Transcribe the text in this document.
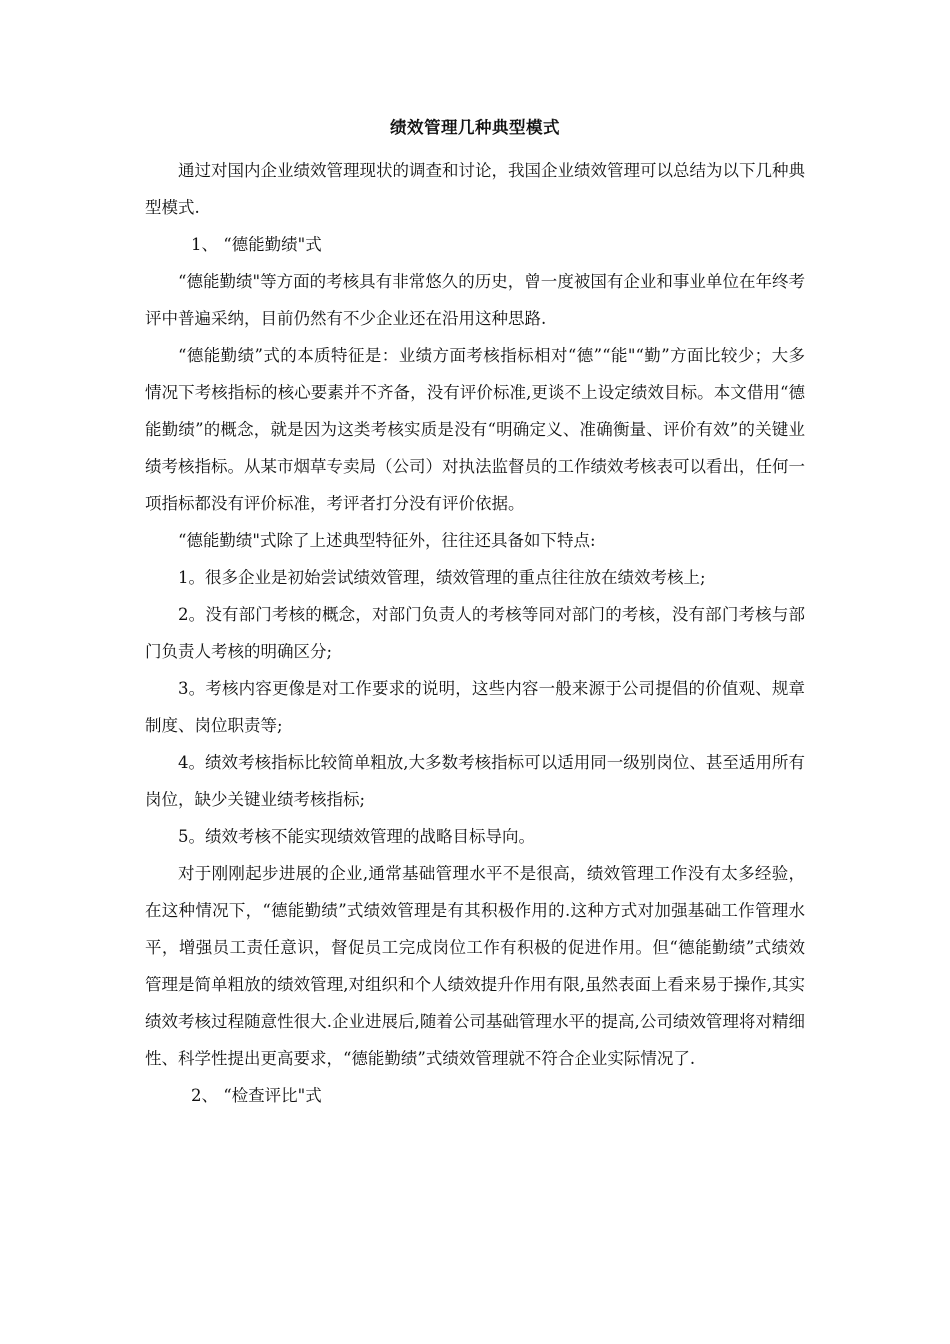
绩效管理几种典型模式

通过对国内企业绩效管理现状的调查和讨论，我国企业绩效管理可以总结为以下几种典型模式.

1、 “德能勤绩"式

“德能勤绩"等方面的考核具有非常悠久的历史，曾一度被国有企业和事业单位在年终考评中普遍采纳，目前仍然有不少企业还在沿用这种思路.

“德能勤绩”式的本质特征是：业绩方面考核指标相对“德”“能"“勤”方面比较少；大多情况下考核指标的核心要素并不齐备，没有评价标准,更谈不上设定绩效目标。本文借用“德能勤绩”的概念，就是因为这类考核实质是没有“明确定义、准确衡量、评价有效”的关键业绩考核指标。从某市烟草专卖局（公司）对执法监督员的工作绩效考核表可以看出，任何一项指标都没有评价标准，考评者打分没有评价依据。

“德能勤绩"式除了上述典型特征外，往往还具备如下特点:

1。很多企业是初始尝试绩效管理，绩效管理的重点往往放在绩效考核上;

2。没有部门考核的概念，对部门负责人的考核等同对部门的考核，没有部门考核与部门负责人考核的明确区分;

3。考核内容更像是对工作要求的说明，这些内容一般来源于公司提倡的价值观、规章制度、岗位职责等;

4。绩效考核指标比较简单粗放,大多数考核指标可以适用同一级别岗位、甚至适用所有岗位，缺少关键业绩考核指标;

5。绩效考核不能实现绩效管理的战略目标导向。

对于刚刚起步进展的企业,通常基础管理水平不是很高，绩效管理工作没有太多经验，在这种情况下，“德能勤绩”式绩效管理是有其积极作用的.这种方式对加强基础工作管理水平，增强员工责任意识，督促员工完成岗位工作有积极的促进作用。但“德能勤绩”式绩效管理是简单粗放的绩效管理,对组织和个人绩效提升作用有限,虽然表面上看来易于操作,其实绩效考核过程随意性很大.企业进展后,随着公司基础管理水平的提高,公司绩效管理将对精细性、科学性提出更高要求，“德能勤绩”式绩效管理就不符合企业实际情况了.

2、 “检查评比"式
